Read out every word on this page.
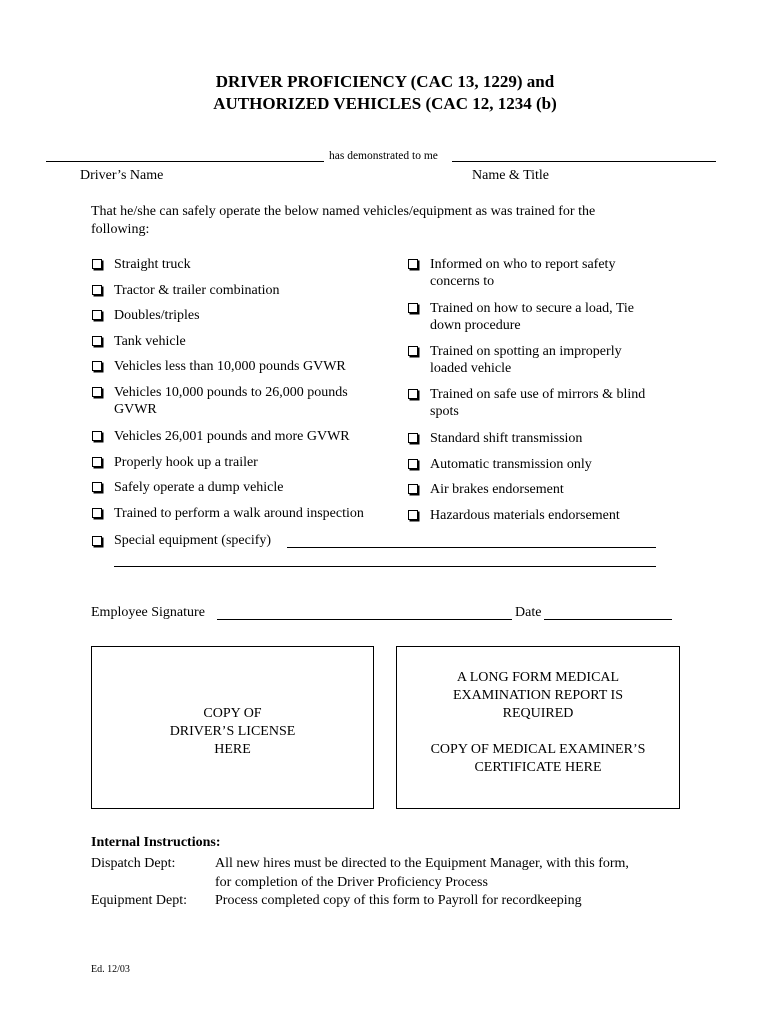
DRIVER PROFICIENCY (CAC 13, 1229) and
AUTHORIZED VEHICLES (CAC 12, 1234 (b)
has demonstrated to me
Driver’s Name	Name & Title
That he/she can safely operate the below named vehicles/equipment as was trained for the
following:
Straight truck
Tractor & trailer combination
Doubles/triples
Tank vehicle
Vehicles less than 10,000 pounds GVWR
Vehicles 10,000 pounds to 26,000 pounds
GVWR
Vehicles 26,001 pounds and more GVWR
Properly hook up a trailer
Safely operate a dump vehicle
Trained to perform a walk around inspection
Informed on who to report safety
concerns to
Trained on how to secure a load, Tie
down procedure
Trained on spotting an improperly
loaded vehicle
Trained on safe use of mirrors & blind
spots
Standard shift transmission
Automatic transmission only
Air brakes endorsement
Hazardous materials endorsement
Special equipment (specify)
Employee Signature	Date
COPY OF
DRIVER’S LICENSE
HERE
A LONG FORM MEDICAL
EXAMINATION REPORT IS
REQUIRED
COPY OF MEDICAL EXAMINER’S
CERTIFICATE HERE
Internal Instructions:
Dispatch Dept:	All new hires must be directed to the Equipment Manager, with this form,
for completion of the Driver Proficiency Process
Equipment Dept: Process completed copy of this form to Payroll for recordkeeping
Ed. 12/03
